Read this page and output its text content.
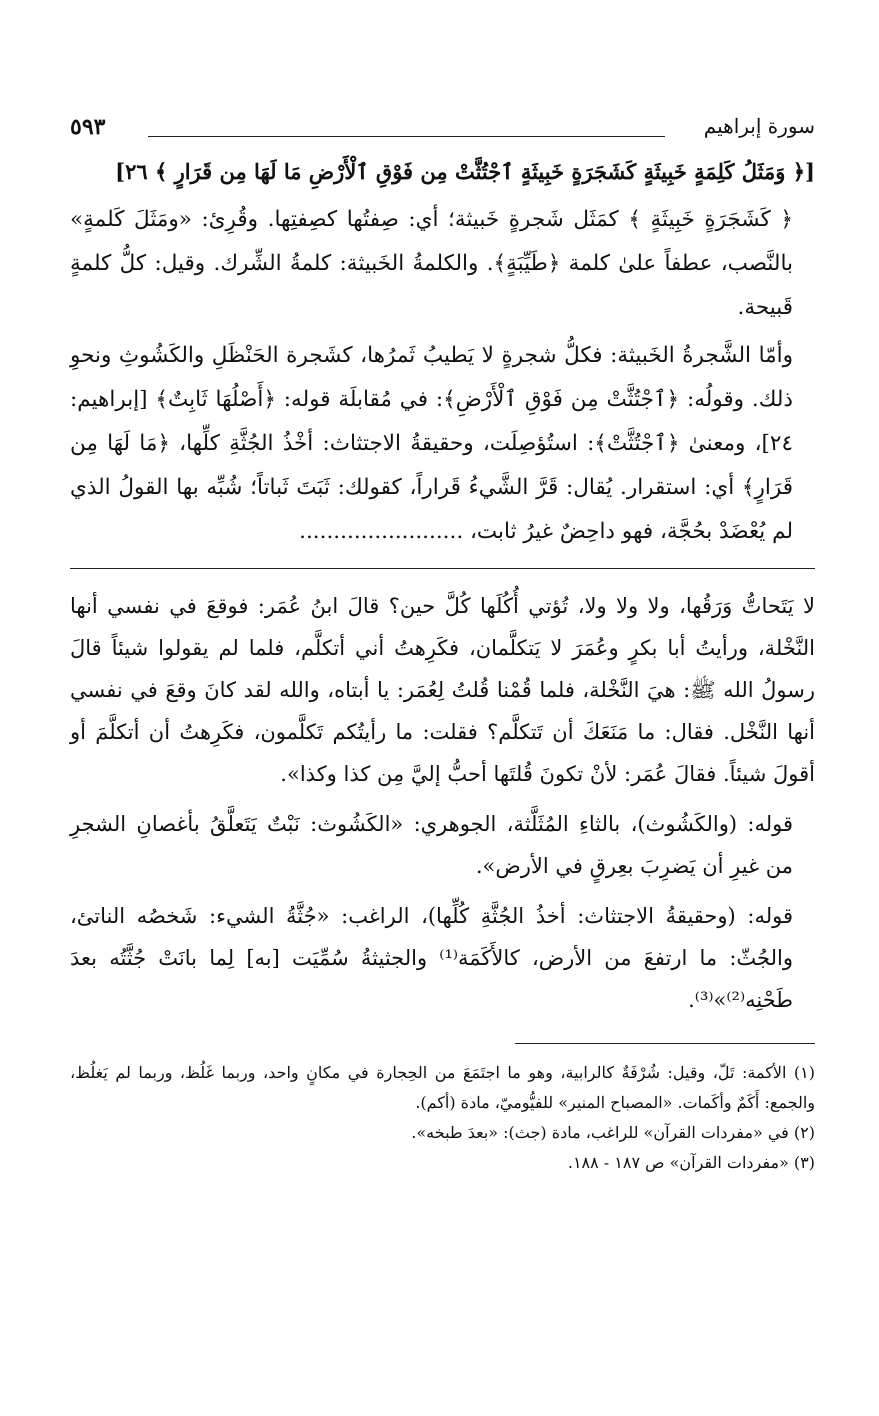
٥٩٣	سورة إبراهيم

[﴿ وَمَثَلُ كَلِمَةٍ خَبِيثَةٍ كَشَجَرَةٍ خَبِيثَةٍ ٱجْتُثَّتْ مِن فَوْقِ ٱلْأَرْضِ مَا لَهَا مِن قَرَارٍ ﴾ ٢٦]

﴿ كَشَجَرَةٍ خَبِيثَةٍ ﴾ كمَثَل شَجرةٍ خَبيثة؛ أي: صِفتُها كصِفتِها. وقُرِئ: «ومَثَلَ كَلمةٍ» بالنَّصب، عطفاً علىٰ كلمة ﴿طَيِّبَةٍ﴾. والكلمةُ الخَبيثة: كلمةُ الشِّرك. وقيل: كلُّ كلمةٍ قَبيحة.

وأمّا الشَّجرةُ الخَبيثة: فكلُّ شجرةٍ لا يَطيبُ ثَمرُها، كشَجرة الحَنْظَلِ والكَشُوثِ ونحوِ ذلك. وقولُه: ﴿ٱجْتُثَّتْ مِن فَوْقِ ٱلْأَرْضِ﴾: في مُقابلَة قوله: ﴿أَصْلُهَا ثَابِتٌ﴾ [إبراهيم: ٢٤]، ومعنىٰ ﴿ٱجْتُثَّتْ﴾: استُؤصِلَت، وحقيقةُ الاجتثاث: أخْذُ الجُثَّةِ كلِّها، ﴿مَا لَهَا مِن قَرَارٍ﴾ أي: استقرار. يُقال: قَرَّ الشَّيءُ قَراراً، كقولك: ثَبَتَ ثَباتاً؛ شُبِّه بها القولُ الذي لم يُعْضَدْ بحُجَّة، فهو داحِضٌ غيرُ ثابت، ........................

لا يَتَحاتُّ وَرَقُها، ولا ولا ولا، تُؤتي أُكُلَها كُلَّ حين؟ قالَ ابنُ عُمَر: فوقعَ في نفسي أنها النَّخْلة، ورأيتُ أبا بكرٍ وعُمَرَ لا يَتكلَّمان، فكَرِهتُ أني أتكلَّم، فلما لم يقولوا شيئاً قالَ رسولُ الله ﷺ: هيَ النَّخْلة، فلما قُمْنا قُلتُ لِعُمَر: يا أبتاه، والله لقد كانَ وقعَ في نفسي أنها النَّخْل. فقال: ما مَنَعَكَ أن تَتكلَّم؟ فقلت: ما رأيتُكم تَكلَّمون، فكَرِهتُ أن أتكلَّمَ أو أقولَ شيئاً. فقالَ عُمَر: لأنْ تكونَ قُلتَها أحبُّ إليَّ مِن كذا وكذا».

قوله: (والكَشُوث)، بالثاءِ المُثَلَّثة، الجوهري: «الكَشُوث: نَبْتٌ يَتَعلَّقُ بأغصانِ الشجرِ من غيرِ أن يَضرِبَ بعِرقٍ في الأرض».

قوله: (وحقيقةُ الاجتثاث: أخذُ الجُثَّةِ كُلِّها)، الراغب: «جُثَّةُ الشيء: شَخصُه الناتئ، والجُثّ: ما ارتفعَ من الأرض، كالأَكَمَة⁽¹⁾ والجثيثةُ سُمِّيَت [به] لِما بانَتْ جُثَّتُه بعدَ طَحْنِه⁽²⁾»⁽³⁾.

(١) الأكمة: تَلّ، وقيل: شُرْفَةٌ كالرابية، وهو ما اجتَمَعَ من الحِجارة في مكانٍ واحد، وربما غَلُظ، وربما لم يَغلُظ، والجمع: أَكَمٌ وأكَمات. «المصباح المنير» للفيُّوميّ، مادة (أكم).

(٢) في «مفردات القرآن» للراغب، مادة (جث): «بعدَ طبخه».

(٣) «مفردات القرآن» ص ١٨٧ - ١٨٨.
